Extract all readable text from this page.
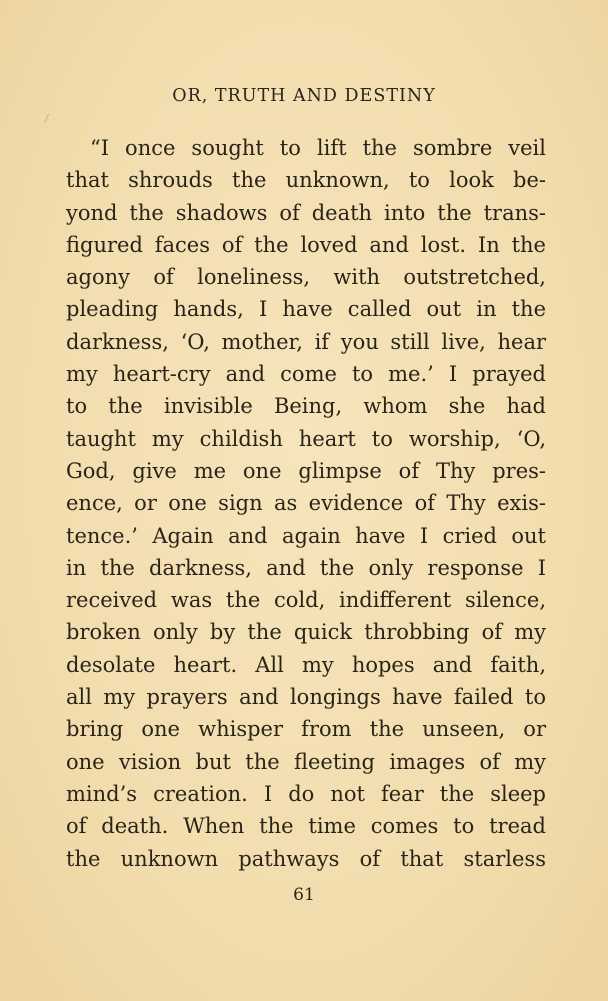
OR, TRUTH AND DESTINY
“I once sought to lift the sombre veil
that shrouds the unknown, to look be-
yond the shadows of death into the trans-
figured faces of the loved and lost. In the
agony of loneliness, with outstretched,
pleading hands, I have called out in the
darkness, ‘O, mother, if you still live, hear
my heart-cry and come to me.’ I prayed
to the invisible Being, whom she had
taught my childish heart to worship, ‘O,
God, give me one glimpse of Thy pres-
ence, or one sign as evidence of Thy exis-
tence.’ Again and again have I cried out
in the darkness, and the only response I
received was the cold, indifferent silence,
broken only by the quick throbbing of my
desolate heart. All my hopes and faith,
all my prayers and longings have failed to
bring one whisper from the unseen, or
one vision but the fleeting images of my
mind’s creation. I do not fear the sleep
of death. When the time comes to tread
the unknown pathways of that starless
61
